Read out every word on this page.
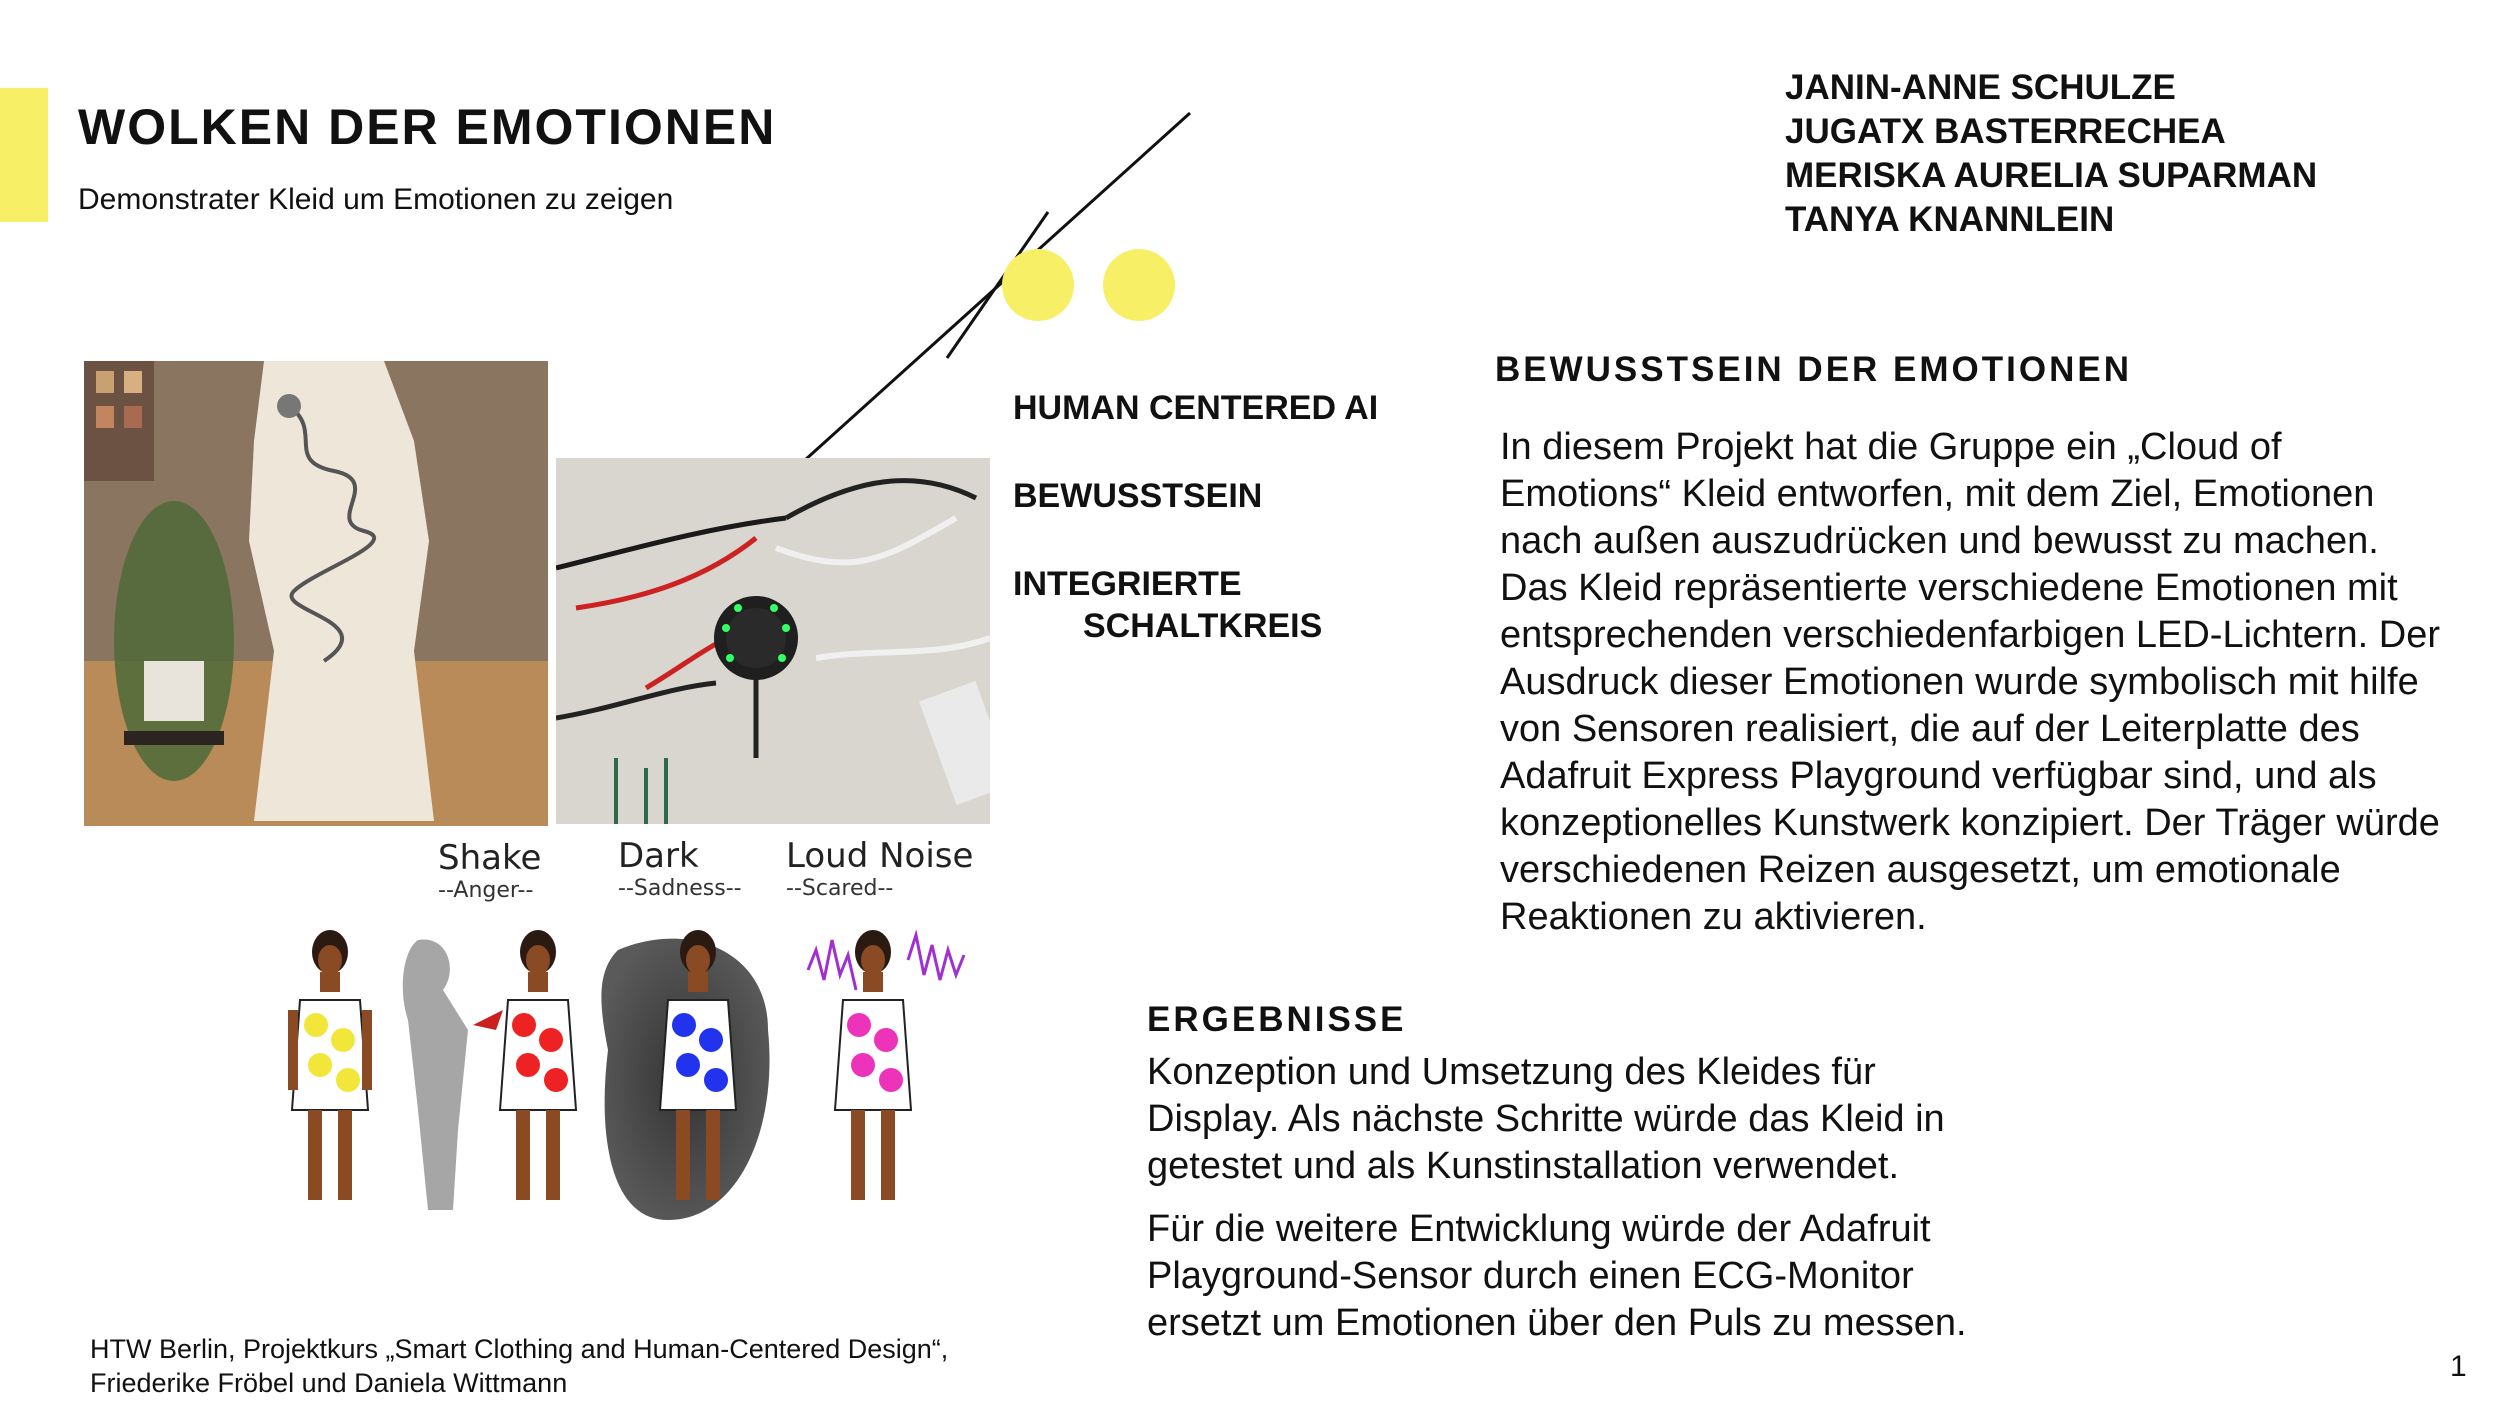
WOLKEN DER EMOTIONEN
Demonstrater Kleid um Emotionen zu zeigen
JANIN-ANNE SCHULZE
JUGATX BASTERRECHEA
MERISKA AURELIA SUPARMAN
TANYA KNANNLEIN
HUMAN CENTERED AI
BEWUSSTSEIN
INTEGRIERTE
SCHALTKREIS
BEWUSSTSEIN DER EMOTIONEN
In diesem Projekt hat die Gruppe ein „Cloud of Emotions“ Kleid entworfen, mit dem Ziel, Emotionen nach außen auszudrücken und bewusst zu machen. Das Kleid repräsentierte verschiedene Emotionen mit entsprechenden verschiedenfarbigen LED-Lichtern. Der Ausdruck dieser Emotionen wurde symbolisch mit hilfe von Sensoren realisiert, die auf der Leiterplatte des Adafruit Express Playground verfügbar sind, und als konzeptionelles Kunstwerk konzipiert. Der Träger würde verschiedenen Reizen ausgesetzt, um emotionale Reaktionen zu aktivieren.
ERGEBNISSE
Konzeption und Umsetzung des Kleides für Display. Als nächste Schritte würde das Kleid in getestet und als Kunstinstallation verwendet.
Für die weitere Entwicklung würde der Adafruit Playground-Sensor durch einen ECG-Monitor ersetzt um Emotionen über den Puls zu messen.
Shake
--Anger--
Dark
--Sadness--
Loud Noise
--Scared--
HTW Berlin, Projektkurs „Smart Clothing and Human-Centered Design“,
Friederike Fröbel und Daniela Wittmann	1
